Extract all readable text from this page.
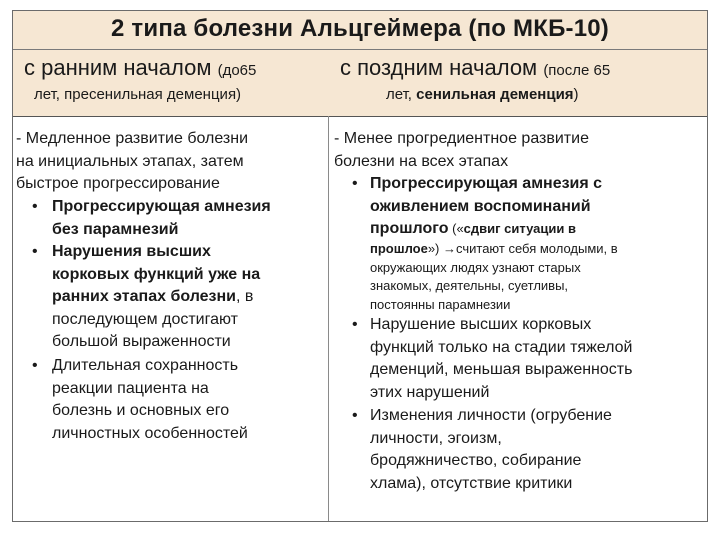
2 типа болезни Альцгеймера (по МКБ-10)
с ранним началом (до65
лет, пресенильная деменция)
с поздним началом (после 65
лет, сенильная деменция)
- Медленное развитие болезни
на инициальных этапах, затем
быстрое прогрессирование
• Прогрессирующая амнезия
без парамнезий
• Нарушения высших
корковых функций уже на
ранних этапах болезни, в
последующем достигают
большой выраженности
• Длительная сохранность
реакции пациента на
болезнь и основных его
личностных особенностей
- Менее прогредиентное развитие
болезни на всех этапах
• Прогрессирующая амнезия с
оживлением воспоминаний
прошлого («сдвиг ситуации в
прошлое») →считают себя молодыми, в
окружающих людях узнают старых
знакомых, деятельны, суетливы,
постоянны парамнезии
• Нарушение высших корковых
функций только на стадии тяжелой
деменций, меньшая выраженность
этих нарушений
• Изменения личности (огрубение
личности, эгоизм,
бродяжничество, собирание
хлама), отсутствие критики
